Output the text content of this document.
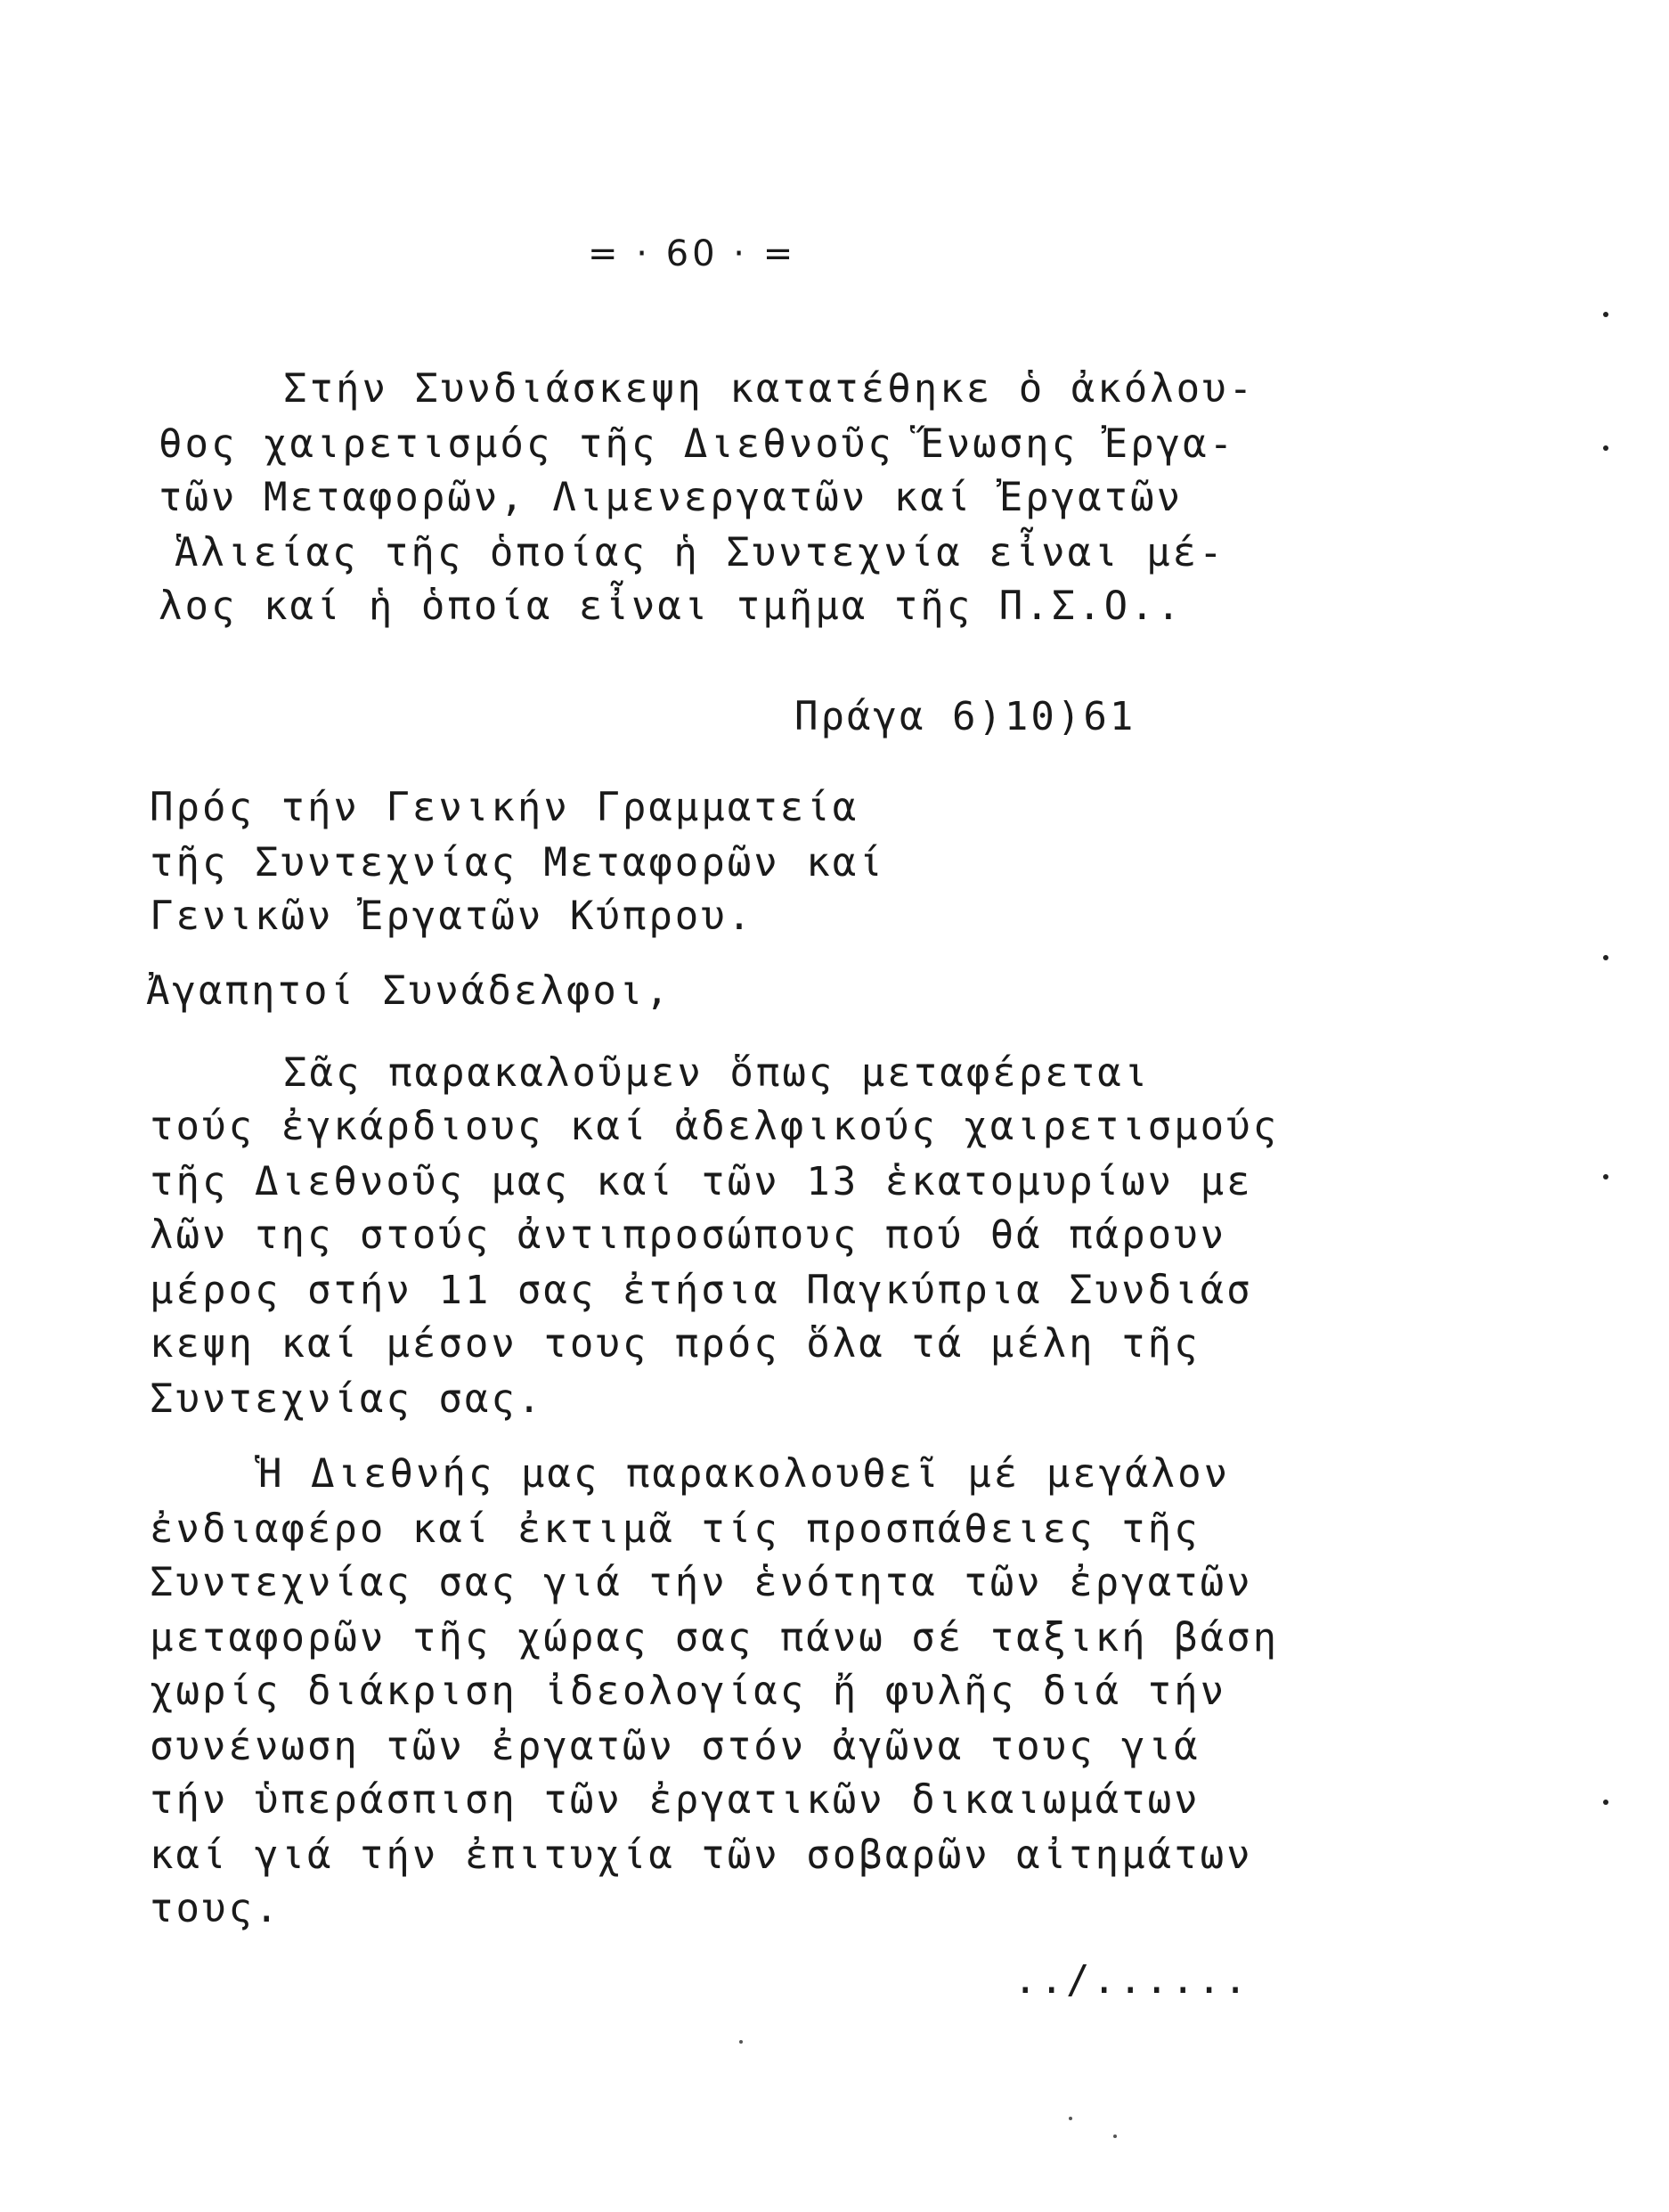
= · 60 · =
Στήν Συνδιάσκεψη κατατέθηκε ὁ ἀκόλου-
θος χαιρετισμός τῆς Διεθνοῦς Ἕνωσης Ἐργα-
τῶν Μεταφορῶν, Λιμενεργατῶν καί Ἐργατῶν
Ἁλιείας τῆς ὁποίας ἡ Συντεχνία εἶναι μέ-
λος καί ἡ ὁποία εἶναι τμῆμα τῆς Π.Σ.Ο..
Πράγα 6)10)61
Πρός τήν Γενικήν Γραμματεία
τῆς Συντεχνίας Μεταφορῶν καί
Γενικῶν Ἐργατῶν Κύπρου.
Ἀγαπητοί Συνάδελφοι,
Σᾶς παρακαλοῦμεν ὅπως μεταφέρεται
τούς ἐγκάρδιους καί ἀδελφικούς χαιρετισμούς
τῆς Διεθνοῦς μας καί τῶν 13 ἑκατομυρίων με
λῶν της στούς ἀντιπροσώπους πού θά πάρουν
μέρος στήν 11 σας ἐτήσια Παγκύπρια Συνδιάσ
κεψη καί μέσον τους πρός ὅλα τά μέλη τῆς
Συντεχνίας σας.
Ἡ Διεθνής μας παρακολουθεῖ μέ μεγάλον
ἐνδιαφέρο καί ἐκτιμᾶ τίς προσπάθειες τῆς
Συντεχνίας σας γιά τήν ἑνότητα τῶν ἐργατῶν
μεταφορῶν τῆς χώρας σας πάνω σέ ταξική βάση
χωρίς διάκριση ἰδεολογίας ἤ φυλῆς διά τήν
συνένωση τῶν ἐργατῶν στόν ἀγῶνα τους γιά
τήν ὑπεράσπιση τῶν ἐργατικῶν δικαιωμάτων
καί γιά τήν ἐπιτυχία τῶν σοβαρῶν αἰτημάτων
τους.
../......
